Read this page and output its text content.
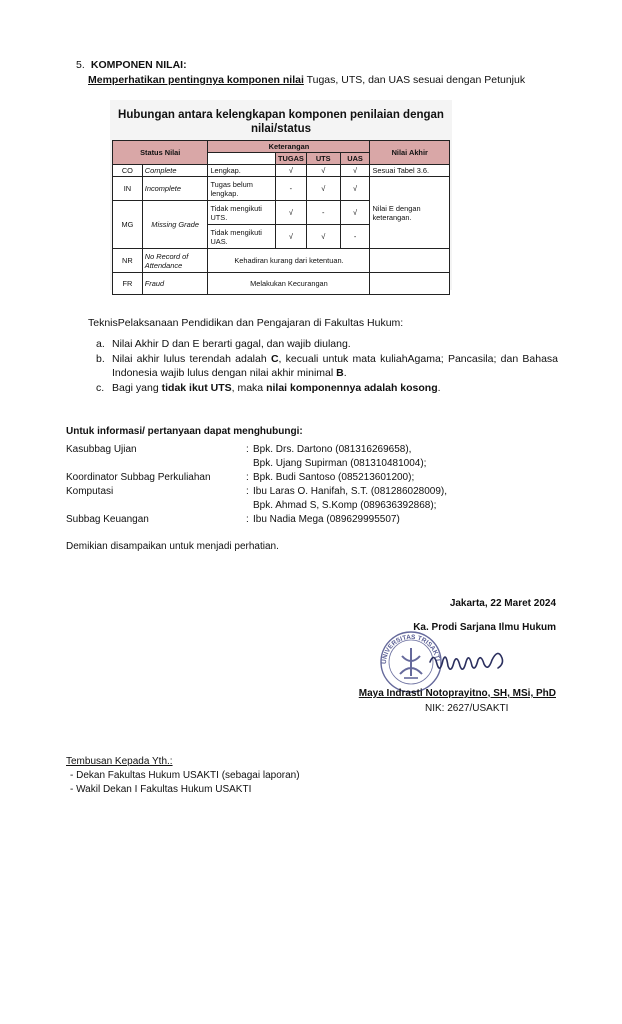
5. KOMPONEN NILAI:
Memperhatikan pentingnya komponen nilai Tugas, UTS, dan UAS sesuai dengan Petunjuk
Hubungan antara kelengkapan komponen penilaian dengan
nilai/status
Status Nilai		Keterangan				Nilai Akhir
			TUGAS	UTS	UAS	
CO	Complete	Lengkap.	√	√	√	Sesuai Tabel 3.6.
IN	Incomplete	Tugas belum lengkap.	-	√	√	Nilai E dengan keterangan.
MG	Missing Grade	Tidak mengikuti UTS.	√	-	√	
		Tidak mengikuti UAS.	√	√	-	
NR	No Record of Attendance	Kehadiran kurang dari ketentuan.				
FR	Fraud	Melakukan Kecurangan				
TeknisPelaksanaan Pendidikan dan Pengajaran di Fakultas Hukum:
a. Nilai Akhir D dan E berarti gagal, dan wajib diulang.
b. Nilai akhir lulus terendah adalah C, kecuali untuk mata kuliahAgama; Pancasila; dan Bahasa Indonesia wajib lulus dengan nilai akhir minimal B.
c. Bagi yang tidak ikut UTS, maka nilai komponennya adalah kosong.
Untuk informasi/ pertanyaan dapat menghubungi:
Kasubbag Ujian	: Bpk. Drs. Dartono (081316269658),
Bpk. Ujang Supirman (081310481004);
Koordinator Subbag Perkuliahan	: Bpk. Budi Santoso (085213601200);
Komputasi	: Ibu Laras O. Hanifah, S.T. (081286028009),
Bpk. Ahmad S, S.Komp (089636392868);
Subbag Keuangan	: Ibu Nadia Mega (089629995507)
Demikian disampaikan untuk menjadi perhatian.
Jakarta, 22 Maret 2024
Ka. Prodi Sarjana Ilmu Hukum
UNIVERSITAS TRISAKTI
Maya Indrasti Notoprayitno, SH, MSi, PhD
NIK: 2627/USAKTI
Tembusan Kepada Yth.:
- Dekan Fakultas Hukum USAKTI (sebagai laporan)
- Wakil Dekan I Fakultas Hukum USAKTI
